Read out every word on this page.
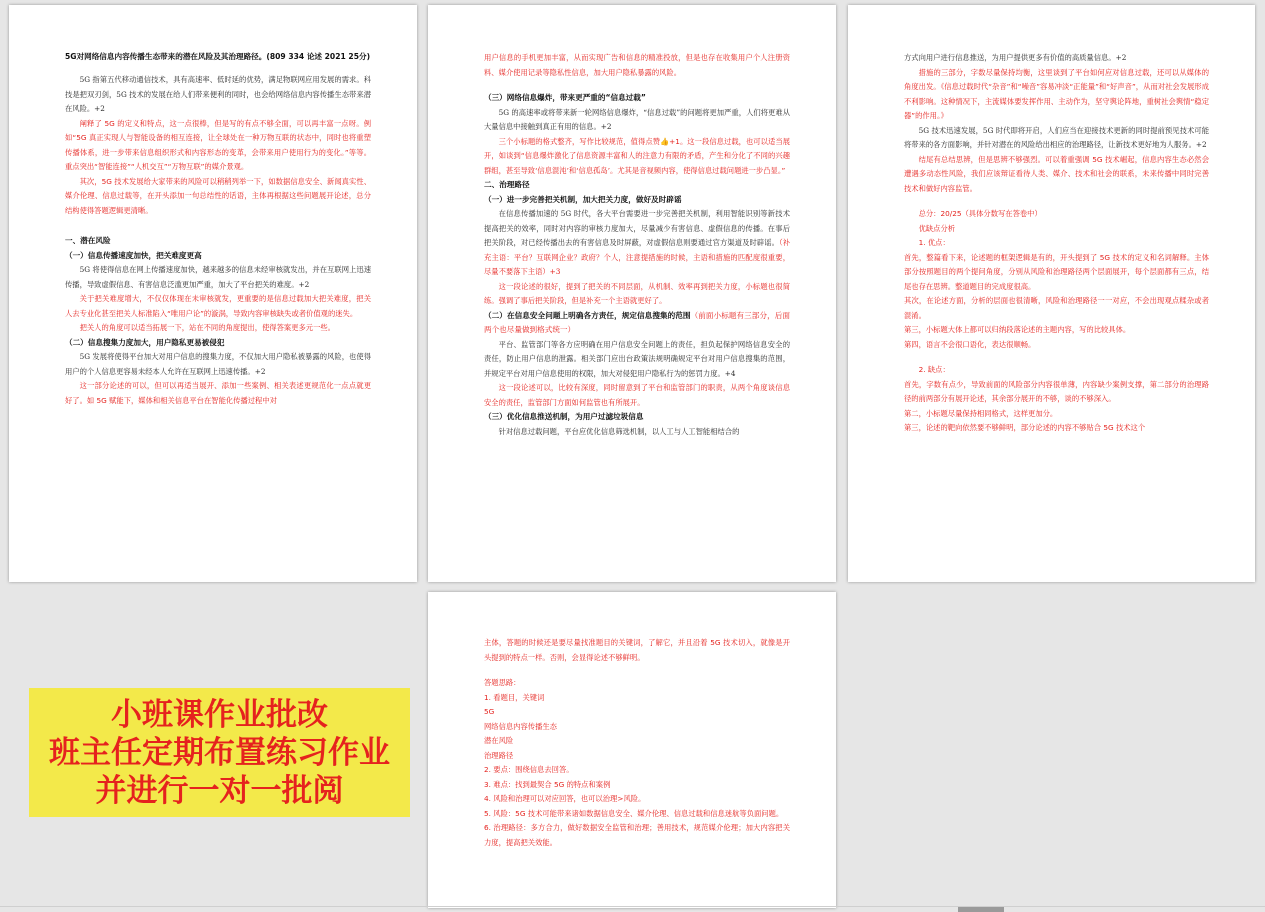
5G对网络信息内容传播生态带来的潜在风险及其治理路径。(809 334 论述 2021 25分)

5G 指第五代移动通信技术，具有高速率、低时延的优势，满足物联网应用发展的需求。科技是把双刃剑，5G 技术的发展在给人们带来便利的同时，也会给网络信息内容传播生态带来潜在风险。+2

阐释了 5G 的定义和特点，这一点很棒，但是写的有点不够全面，可以再丰富一点呀。例如“5G 真正实现人与智能设备的相互连接，让全球处在一种万物互联的状态中，同时也将重塑传播体系，进一步带来信息组织形式和内容形态的变革，会带来用户使用行为的变化。”等等。重点突出“智能连接”“人机交互”“万物互联”的媒介景观。

其次，5G 技术发展给大家带来的风险可以稍稍列举一下，如数据信息安全、新闻真实性、媒介伦理、信息过载等，在开头添加一句总结性的话语，主体再根据这些问题展开论述，总分结构使得答题逻辑更清晰。

一、潜在风险

（一）信息传播速度加快，把关难度更高

5G 将使得信息在网上传播速度加快，越来越多的信息未经审核就发出，并在互联网上迅速传播，导致虚假信息、有害信息泛滥更加严重，加大了平台把关的难度。+2

关于把关难度增大，不仅仅体现在未审核就发，更重要的是信息过载加大把关难度，把关人去专业化甚至把关人标准陷入“唯用户论”的漩涡，导致内容审核缺失或者价值观的迷失。

把关人的角度可以适当拓展一下，站在不同的角度提出，使得答案更多元一些。

（二）信息搜集力度加大，用户隐私更易被侵犯

5G 发展将使得平台加大对用户信息的搜集力度，不仅加大用户隐私被暴露的风险，也使得用户的个人信息更容易未经本人允许在互联网上迅速传播。+2

这一部分论述的可以，但可以再适当展开、添加一些案例、相关表述更规范化一点点就更好了。如 5G 赋能下，媒体和相关信息平台在智能化传播过程中对

用户信息的手机更加丰富，从而实现广告和信息的精准投放，但是也存在收集用户个人注册资料、媒介使用记录等隐私性信息，加大用户隐私暴露的风险。

（三）网络信息爆炸，带来更严重的“信息过载”

5G 的高速率或将带来新一轮网络信息爆炸，“信息过载”的问题将更加严重，人们将更难从大量信息中接触到真正有用的信息。+2

三个小标题的格式整齐，写作比较规范，值得点赞👍+1。这一段信息过载，也可以适当展开，如谈到“信息爆炸激化了信息资源丰富和人的注意力有限的矛盾，产生和分化了不同的兴趣群组，甚至导致‘信息混沌’和‘信息孤岛’。尤其是音视频内容，使得信息过载问题进一步凸显。”

二、治理路径

（一）进一步完善把关机制，加大把关力度，做好及时辟谣

在信息传播加速的 5G 时代，各大平台需要进一步完善把关机制，利用智能识别等新技术提高把关的效率，同时对内容的审核力度加大，尽量减少有害信息、虚假信息的传播。在事后把关阶段，对已经传播出去的有害信息及时屏蔽，对虚假信息则要通过官方渠道及时辟谣。（补充主语：平台？互联网企业？政府？个人，注意提措施的时候，主语和措施的匹配度很重要，尽量不要落下主语）+3

这一段论述的很好，提到了把关的不同层面，从机制、效率再到把关力度，小标题也很简练。强调了事后把关阶段，但是补充一个主语就更好了。

（二）在信息安全问题上明确各方责任，规定信息搜集的范围（前面小标题有三部分，后面两个也尽量做到格式统一）

平台、监管部门等各方应明确在用户信息安全问题上的责任，担负起保护网络信息安全的责任，防止用户信息的泄露。相关部门应出台政策法规明确规定平台对用户信息搜集的范围，并规定平台对用户信息使用的权限，加大对侵犯用户隐私行为的惩罚力度。+4

这一段论述可以，比较有深度，同时留意到了平台和监管部门的职责，从两个角度谈信息安全的责任，监管部门方面如何监管也有所展开。

（三）优化信息推送机制，为用户过滤垃圾信息

针对信息过载问题，平台应优化信息筛选机制，以人工与人工智能相结合的

方式向用户进行信息推送，为用户提供更多有价值的高质量信息。+2

措施的三部分，字数尽量保持均衡，这里谈到了平台如何应对信息过载，还可以从媒体的角度出发。《信息过载时代“杂音”和“噪音”容易冲淡“正能量”和“好声音”，从而对社会发展形成不利影响。这种情况下，主流媒体要发挥作用、主动作为，坚守舆论阵地，重树社会舆情“稳定器”的作用。》

5G 技术迅速发展，5G 时代即将开启，人们应当在迎接技术更新的同时提前预见技术可能将带来的各方面影响，并针对潜在的风险给出相应的治理路径，让新技术更好地为人服务。+2

结尾有总结思辨，但是思辨不够强烈。可以着重强调 5G 技术崛起，信息内容生态必然会遭遇多动态性风险，我们应该辩证看待人类、媒介、技术和社会的联系，未来传播中同时完善技术和做好内容监管。

总分：20/25（具体分数写在答卷中）

优缺点分析

1. 优点：

首先，整篇看下来，论述题的框架逻辑是有的，开头提到了 5G 技术的定义和名词解释。主体部分按照题目的两个提问角度，分别从风险和治理路径两个层面展开，每个层面都有三点，结尾也存在思辨。整道题目的完成度很高。

其次，在论述方面，分析的层面也很清晰，风险和治理路径一一对应，不会出现观点糅杂或者混淆。

第三，小标题大体上都可以归纳段落论述的主题内容，写的比较具体。

第四，语言不会很口语化，表达很顺畅。

2. 缺点：

首先，字数有点少，导致前面的风险部分内容很单薄，内容缺少案例支撑，第二部分的治理路径的前两部分有展开论述，其余部分展开的不够，谈的不够深入。

第二，小标题尽量保持相同格式，这样更加分。

第三，论述的靶向依然要不够鲜明，部分论述的内容不够贴合 5G 技术这个

主体，答题的时候还是要尽量找准题目的关键词，了解它，并且沿着 5G 技术切入，就像是开头提到的特点一样。否则，会显得论述不够鲜明。

答题思路：

1. 看题目，关键词

5G

网络信息内容传播生态

潜在风险

治理路径

2. 要点：围绕信息去回答。

3. 难点：找到最契合 5G 的特点和案例

4. 风险和治理可以对应回答，也可以治理>风险。

5. 风险：5G 技术可能带来诸如数据信息安全、媒介伦理、信息过载和信息迷航等负面问题。

6. 治理路径：多方合力，做好数据安全监管和治理；善用技术，规范媒介伦理；加大内容把关力度，提高把关效能。

小班课作业批改
班主任定期布置练习作业
并进行一对一批阅
